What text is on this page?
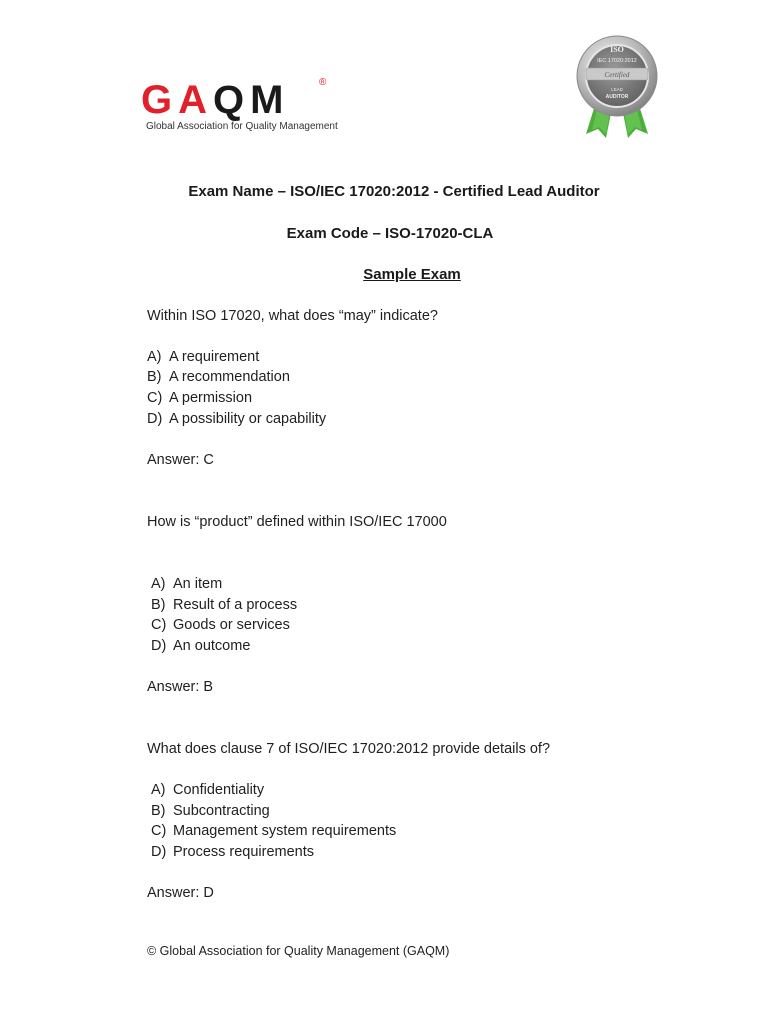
GAQM	®
Global Association for Quality Management
ISO
IEC 17020:2012
Certified
LEAD
AUDITOR
Exam Name – ISO/IEC 17020:2012 - Certified Lead Auditor
Exam Code – ISO-17020-CLA
Sample Exam
Within ISO 17020, what does “may” indicate?
A) A requirement
B) A recommendation
C) A permission
D) A possibility or capability
Answer: C
How is “product” defined within ISO/IEC 17000
A) An item
B) Result of a process
C) Goods or services
D) An outcome
Answer: B
What does clause 7 of ISO/IEC 17020:2012 provide details of?
A) Confidentiality
B) Subcontracting
C) Management system requirements
D) Process requirements
Answer: D
© Global Association for Quality Management (GAQM)
